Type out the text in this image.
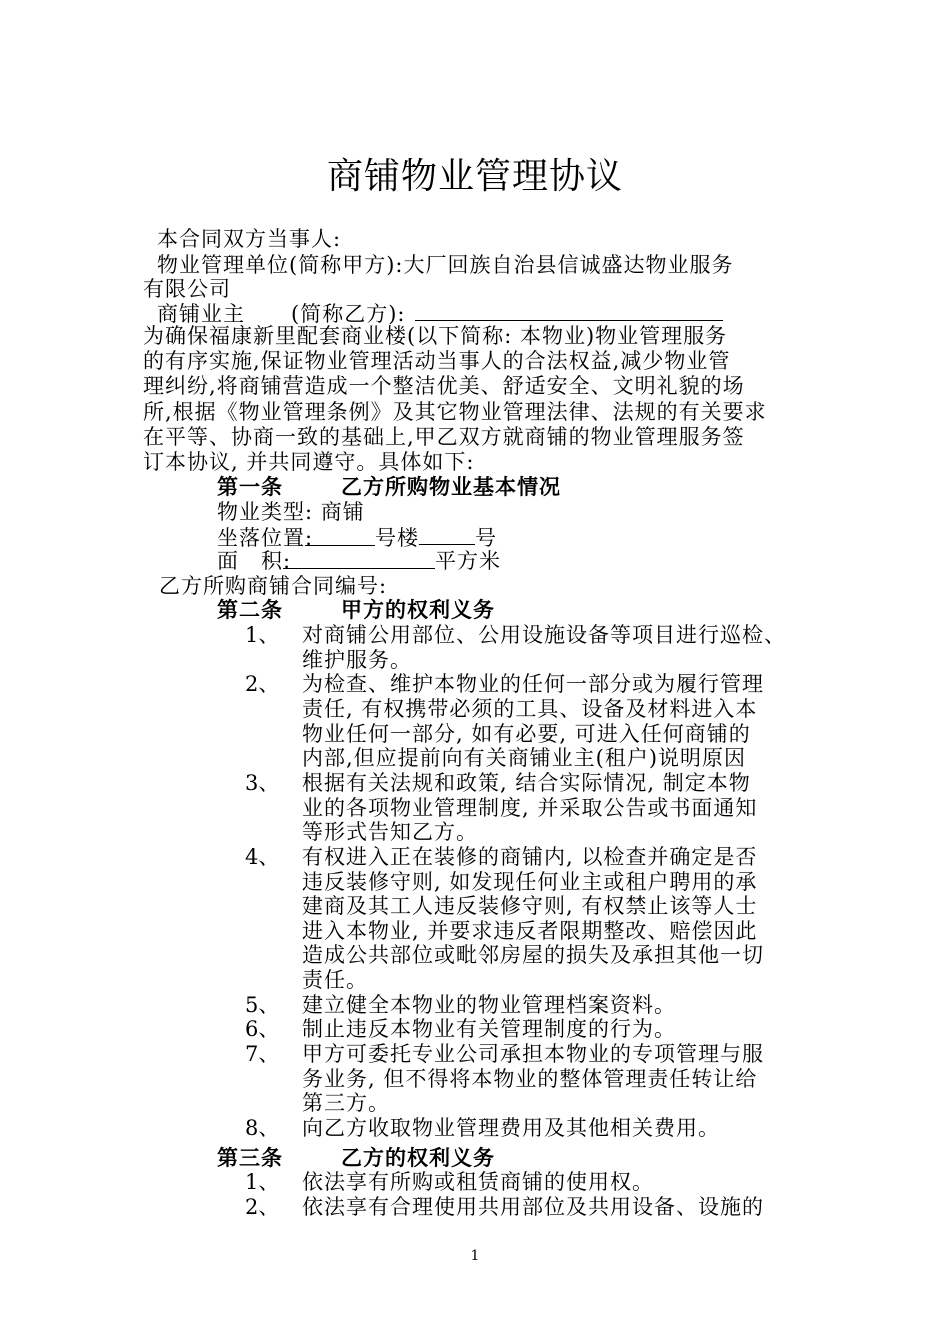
商铺物业管理协议
本合同双方当事人:
物业管理单位(简称甲方):大厂回族自治县信诚盛达物业服务
有限公司
商铺业主 (简称乙方):
为确保福康新里配套商业楼(以下简称: 本物业)物业管理服务
的有序实施,保证物业管理活动当事人的合法权益,减少物业管
理纠纷,将商铺营造成一个整洁优美、舒适安全、文明礼貌的场
所,根据《物业管理条例》及其它物业管理法律、法规的有关要求
在平等、协商一致的基础上,甲乙双方就商铺的物业管理服务签
订本协议, 并共同遵守。具体如下:
第一条	乙方所购物业基本情况
物业类型: 商铺
坐落位置:	号楼	号
面　积:	平方米
乙方所购商铺合同编号:
第二条	甲方的权利义务
1、 对商铺公用部位、公用设施设备等项目进行巡检、
维护服务。
2、 为检查、维护本物业的任何一部分或为履行管理
责任, 有权携带必须的工具、设备及材料进入本
物业任何一部分, 如有必要, 可进入任何商铺的
内部,但应提前向有关商铺业主(租户)说明原因
3、 根据有关法规和政策, 结合实际情况, 制定本物
业的各项物业管理制度, 并采取公告或书面通知
等形式告知乙方。
4、 有权进入正在装修的商铺内, 以检查并确定是否
违反装修守则, 如发现任何业主或租户聘用的承
建商及其工人违反装修守则, 有权禁止该等人士
进入本物业, 并要求违反者限期整改、赔偿因此
造成公共部位或毗邻房屋的损失及承担其他一切
责任。
5、 建立健全本物业的物业管理档案资料。
6、 制止违反本物业有关管理制度的行为。
7、 甲方可委托专业公司承担本物业的专项管理与服
务业务, 但不得将本物业的整体管理责任转让给
第三方。
8、 向乙方收取物业管理费用及其他相关费用。
第三条	乙方的权利义务
1、 依法享有所购或租赁商铺的使用权。
2、 依法享有合理使用共用部位及共用设备、设施的
1
